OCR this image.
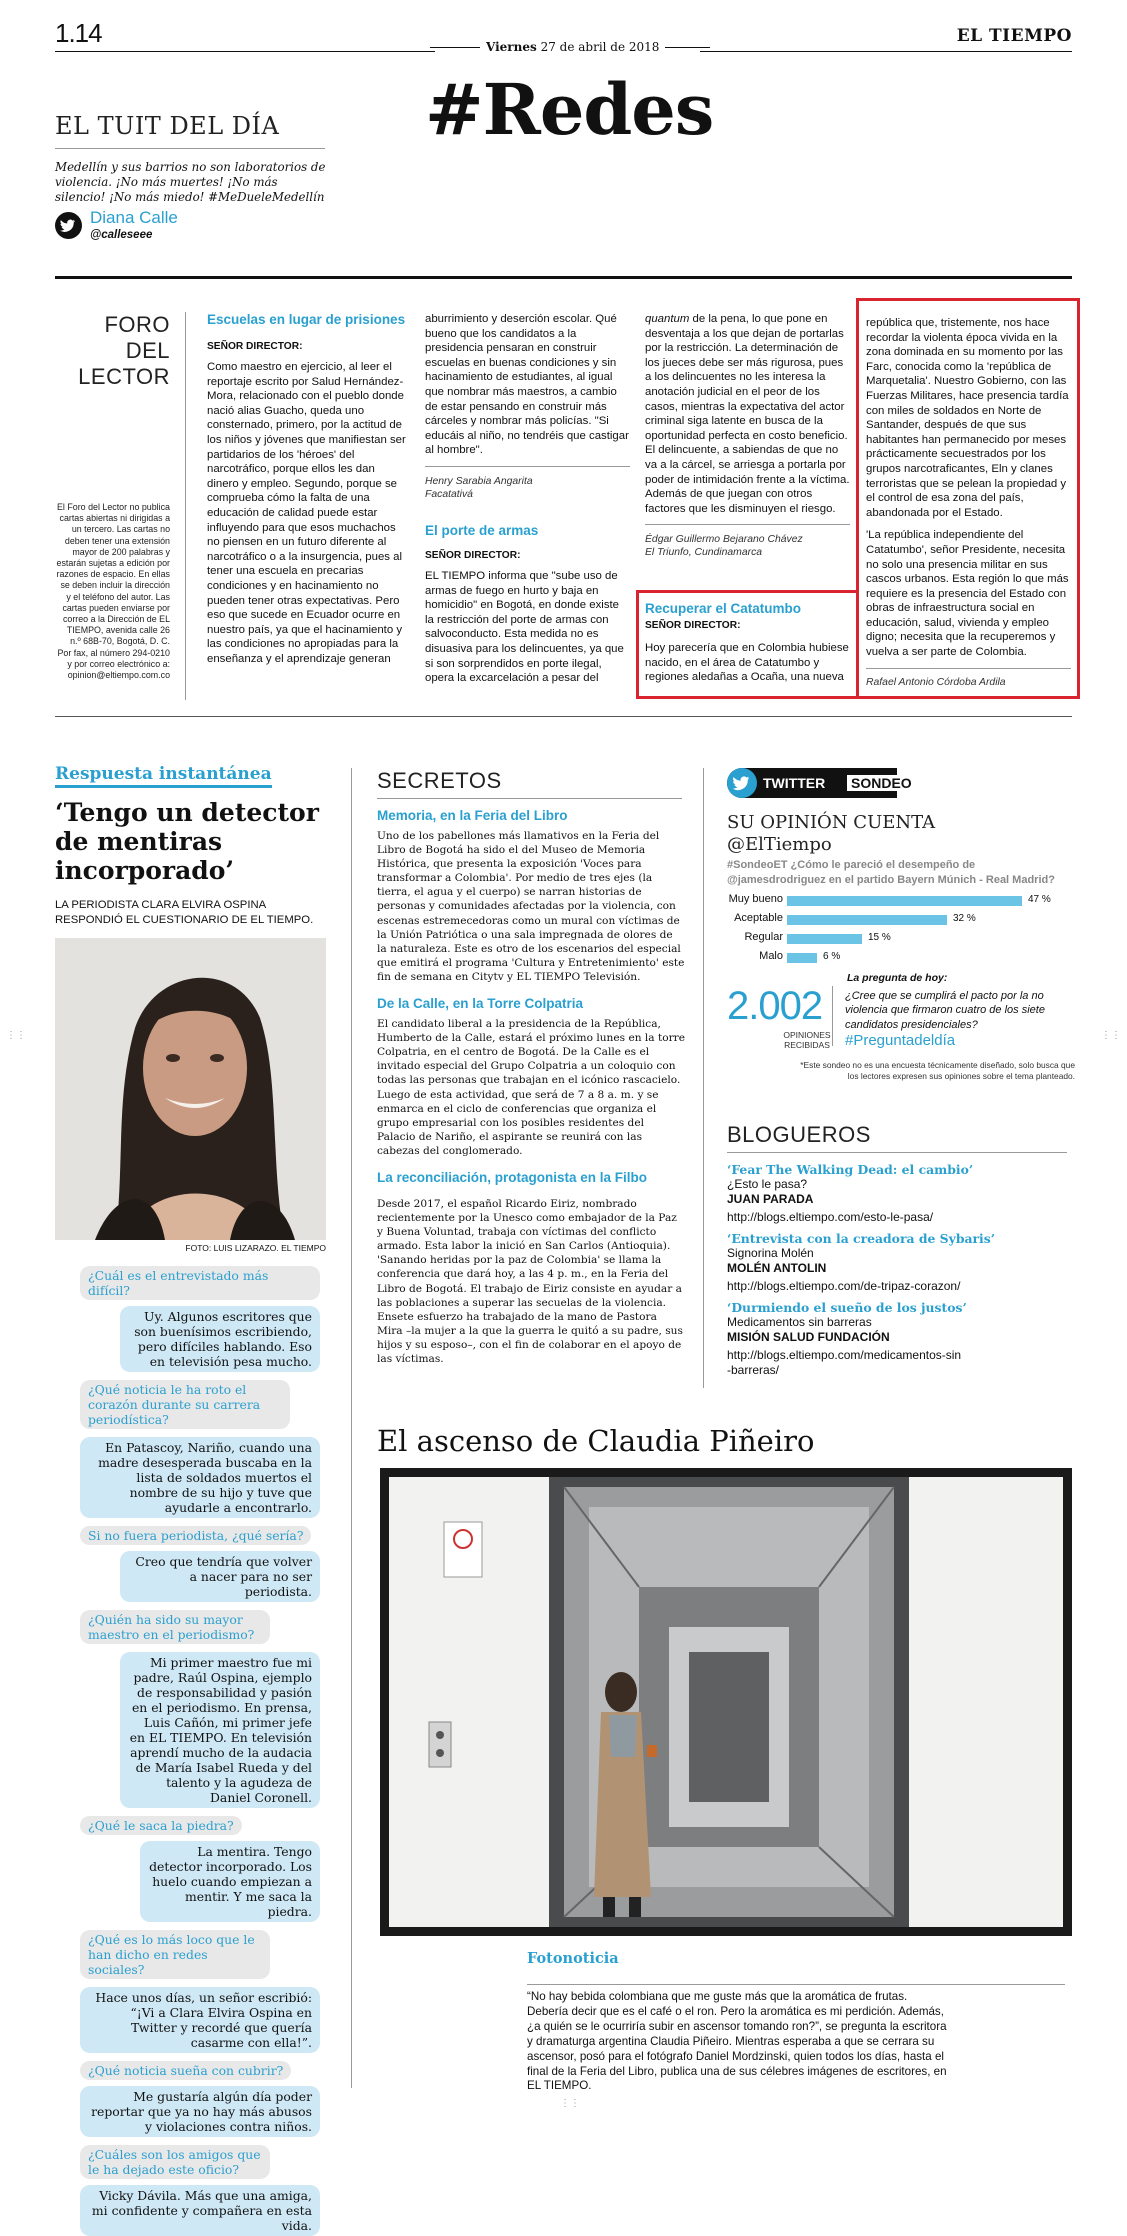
1.14	Viernes 27 de abril de 2018
EL TIEMPO
#Redes
EL TUIT DEL DÍA
Medellín y sus barrios no son laboratorios de violencia. ¡No más muertes! ¡No más silencio! ¡No más miedo! #MeDueleMedellín
Diana Calle
@calleseee
FORO DEL
LECTOR
El Foro del Lector no publica cartas abiertas ni dirigidas a un tercero. Las cartas no deben tener una extensión mayor de 200 palabras y estarán sujetas a edición por razones de espacio. En ellas se deben incluir la dirección y el teléfono del autor. Las cartas pueden enviarse por correo a la Dirección de EL TIEMPO, avenida calle 26 n.º 68B-70, Bogotá, D. C. Por fax, al número 294-0210 y por correo electrónico a: opinion@eltiempo.com.co
Escuelas en lugar de prisiones
SEÑOR DIRECTOR:

Como maestro en ejercicio, al leer el reportaje escrito por Salud Hernández-Mora, relacionado con el pueblo donde nació alias Guacho, queda uno consternado, primero, por la actitud de los niños y jóvenes que manifiestan ser partidarios de los 'héroes' del narcotráfico, porque ellos les dan dinero y empleo. Segundo, porque se comprueba cómo la falta de una educación de calidad puede estar influyendo para que esos muchachos no piensen en un futuro diferente al narcotráfico o a la insurgencia, pues al tener una escuela en precarias condiciones y en hacinamiento no pueden tener otras expectativas. Pero eso que sucede en Ecuador ocurre en nuestro país, ya que el hacinamiento y las condiciones no apropiadas para la enseñanza y el aprendizaje generan

aburrimiento y deserción escolar. Qué bueno que los candidatos a la presidencia pensaran en construir escuelas en buenas condiciones y sin hacinamiento de estudiantes, al igual que nombrar más maestros, a cambio de estar pensando en construir más cárceles y nombrar más policías. "Si educáis al niño, no tendréis que castigar al hombre".

Henry Sarabia Angarita
Facatativá
El porte de armas
SEÑOR DIRECTOR:

EL TIEMPO informa que "sube uso de armas de fuego en hurto y baja en homicidio" en Bogotá, en donde existe la restricción del porte de armas con salvoconducto. Esta medida no es disuasiva para los delincuentes, ya que si son sorprendidos en porte ilegal, opera la excarcelación a pesar del

quantum de la pena, lo que pone en desventaja a los que dejan de portarlas por la restricción. La determinación de los jueces debe ser más rigurosa, pues a los delincuentes no les interesa la anotación judicial en el peor de los casos, mientras la expectativa del actor criminal siga latente en busca de la oportunidad perfecta en costo beneficio. El delincuente, a sabiendas de que no va a la cárcel, se arriesga a portarla por poder de intimidación frente a la víctima. Además de que juegan con otros factores que les disminuyen el riesgo.

Édgar Guillermo Bejarano Chávez
El Triunfo, Cundinamarca
Recuperar el Catatumbo
SEÑOR DIRECTOR:

Hoy parecería que en Colombia hubiese nacido, en el área de Catatumbo y regiones aledañas a Ocaña, una nueva

república que, tristemente, nos hace recordar la violenta época vivida en la zona dominada en su momento por las Farc, conocida como la 'república de Marquetalia'. Nuestro Gobierno, con las Fuerzas Militares, hace presencia tardía con miles de soldados en Norte de Santander, después de que sus habitantes han permanecido por meses prácticamente secuestrados por los grupos narcotraficantes, Eln y clanes terroristas que se pelean la propiedad y el control de esa zona del país, abandonada por el Estado.

'La república independiente del Catatumbo', señor Presidente, necesita no solo una presencia militar en sus cascos urbanos. Esta región lo que más requiere es la presencia del Estado con obras de infraestructura social en educación, salud, vivienda y empleo digno; necesita que la recuperemos y vuelva a ser parte de Colombia.

Rafael Antonio Córdoba Ardila
Respuesta instantánea
‘Tengo un detector
de mentiras
incorporado’
LA PERIODISTA CLARA ELVIRA OSPINA
RESPONDIÓ EL CUESTIONARIO DE EL TIEMPO.
FOTO: LUIS LIZARAZO. EL TIEMPO
¿Cuál es el entrevistado más difícil?
Uy. Algunos escritores que son buenísimos escribiendo, pero difíciles hablando. Eso en televisión pesa mucho.
¿Qué noticia le ha roto el corazón durante su carrera periodística?
En Patascoy, Nariño, cuando una madre desesperada buscaba en la lista de soldados muertos el nombre de su hijo y tuve que ayudarle a encontrarlo.
Si no fuera periodista, ¿qué sería?
Creo que tendría que volver a nacer para no ser periodista.
¿Quién ha sido su mayor maestro en el periodismo?
Mi primer maestro fue mi padre, Raúl Ospina, ejemplo de responsabilidad y pasión en el periodismo. En prensa, Luis Cañón, mi primer jefe en EL TIEMPO. En televisión aprendí mucho de la audacia de María Isabel Rueda y del talento y la agudeza de Daniel Coronell.
¿Qué le saca la piedra?
La mentira. Tengo detector incorporado. Los huelo cuando empiezan a mentir. Y me saca la piedra.
¿Qué es lo más loco que le han dicho en redes sociales?
Hace unos días, un señor escribió: “¡Vi a Clara Elvira Ospina en Twitter y recordé que quería casarme con ella!”.
¿Qué noticia sueña con cubrir?
Me gustaría algún día poder reportar que ya no hay más abusos y violaciones contra niños.
¿Cuáles son los amigos que le ha dejado este oficio?
Vicky Dávila. Más que una amiga, mi confidente y compañera en esta vida.
SECRETOS
Memoria, en la Feria del Libro

Uno de los pabellones más llamativos en la Feria del Libro de Bogotá ha sido el del Museo de Memoria Histórica, que presenta la exposición 'Voces para transformar a Colombia'. Por medio de tres ejes (la tierra, el agua y el cuerpo) se narran historias de personas y comunidades afectadas por la violencia, con escenas estremecedoras como un mural con víctimas de la Unión Patriótica o una sala impregnada de olores de la naturaleza. Este es otro de los escenarios del especial que emitirá el programa 'Cultura y Entretenimiento' este fin de semana en Citytv y EL TIEMPO Televisión.

De la Calle, en la Torre Colpatria

El candidato liberal a la presidencia de la República, Humberto de la Calle, estará el próximo lunes en la torre Colpatria, en el centro de Bogotá. De la Calle es el invitado especial del Grupo Colpatria a un coloquio con todas las personas que trabajan en el icónico rascacielo. Luego de esta actividad, que será de 7 a 8 a. m. y se enmarca en el ciclo de conferencias que organiza el grupo empresarial con los posibles residentes del Palacio de Nariño, el aspirante se reunirá con las cabezas del conglomerado.

La reconciliación, protagonista en la Filbo

Desde 2017, el español Ricardo Eiriz, nombrado recientemente por la Unesco como embajador de la Paz y Buena Voluntad, trabaja con víctimas del conflicto armado. Esta labor la inició en San Carlos (Antioquia). 'Sanando heridas por la paz de Colombia' se llama la conferencia que dará hoy, a las 4 p. m., en la Feria del Libro de Bogotá. El trabajo de Eiriz consiste en ayudar a las poblaciones a superar las secuelas de la violencia. Ensete esfuerzo ha trabajado de la mano de Pastora Mira –la mujer a la que la guerra le quitó a su padre, sus hijos y su esposo–, con el fin de colaborar en el apoyo de las víctimas.

TWITTER SONDEO
SU OPINIÓN CUENTA
@ElTiempo
#SondeoET ¿Cómo le pareció el desempeño de @jamesdrodriguez en el partido Bayern Múnich - Real Madrid?
Muy bueno	47 %
Aceptable	32 %
Regular	15 %
Malo	6 %
2.002
OPINIONES
RECIBIDAS
La pregunta de hoy:
¿Cree que se cumplirá el pacto por la no violencia que firmaron cuatro de los siete candidatos presidenciales?
#Preguntadeldía
*Este sondeo no es una encuesta técnicamente diseñado, solo busca que los lectores expresen sus opiniones sobre el tema planteado.
BLOGUEROS
‘Fear The Walking Dead: el cambio’
¿Esto le pasa?
JUAN PARADA
http://blogs.eltiempo.com/esto-le-pasa/
‘Entrevista con la creadora de Sybaris’
Signorina Molén
MOLÉN ANTOLIN
http://blogs.eltiempo.com/de-tripaz-corazon/
‘Durmiendo el sueño de los justos’
Medicamentos sin barreras
MISIÓN SALUD FUNDACIÓN
http://blogs.eltiempo.com/medicamentos-sin
-barreras/
El ascenso de Claudia Piñeiro
Fotonoticia
“No hay bebida colombiana que me guste más que la aromática de frutas. Debería decir que es el café o el ron. Pero la aromática es mi perdición. Además, ¿a quién se le ocurriría subir en ascensor tomando ron?”, se pregunta la escritora y dramaturga argentina Claudia Piñeiro. Mientras esperaba a que se cerrara su ascensor, posó para el fotógrafo Daniel Mordzinski, quien todos los días, hasta el final de la Feria del Libro, publica una de sus célebres imágenes de escritores, en EL TIEMPO.
⋮⋮	⋮⋮
⋮⋮
